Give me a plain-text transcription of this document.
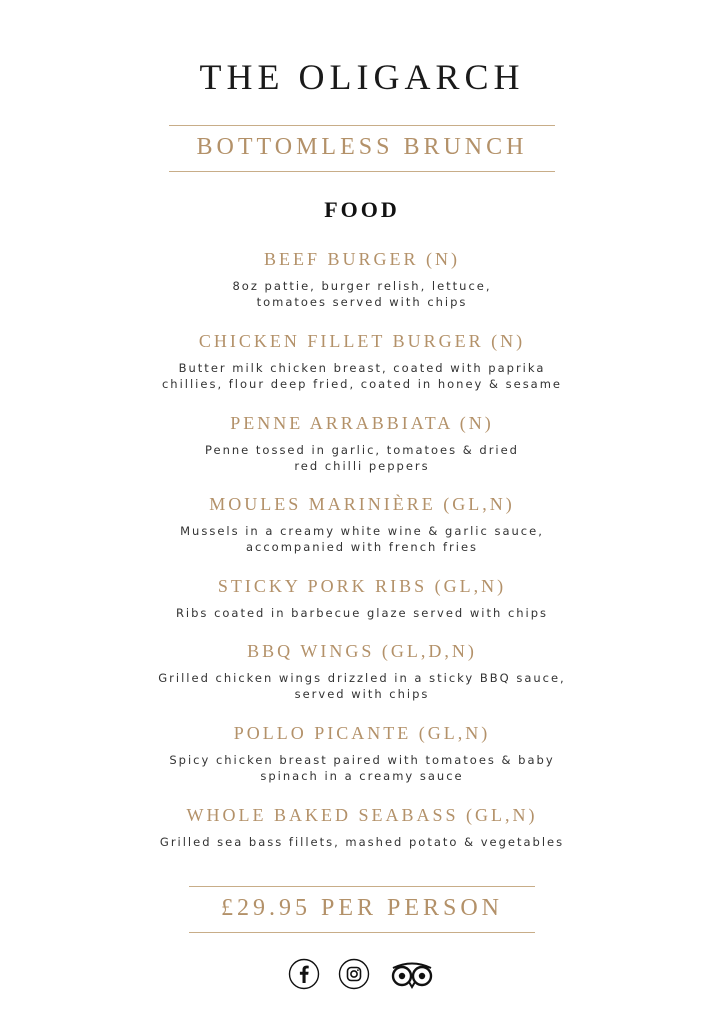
THE OLIGARCH
BOTTOMLESS BRUNCH
FOOD
BEEF BURGER (N)
8oz pattie, burger relish, lettuce,
tomatoes served with chips
CHICKEN FILLET BURGER (N)
Butter milk chicken breast, coated with paprika
chillies, flour deep fried, coated in honey & sesame
PENNE ARRABBIATA (N)
Penne tossed in garlic, tomatoes & dried
red chilli peppers
MOULES MARINIÈRE (GL,N)
Mussels in a creamy white wine & garlic sauce,
accompanied with french fries
STICKY PORK RIBS (GL,N)
Ribs coated in barbecue glaze served with chips
BBQ WINGS (GL,D,N)
Grilled chicken wings drizzled in a sticky BBQ sauce,
served with chips
POLLO PICANTE (GL,N)
Spicy chicken breast paired with tomatoes & baby
spinach in a creamy sauce
WHOLE BAKED SEABASS (GL,N)
Grilled sea bass fillets, mashed potato & vegetables
£29.95 PER PERSON
